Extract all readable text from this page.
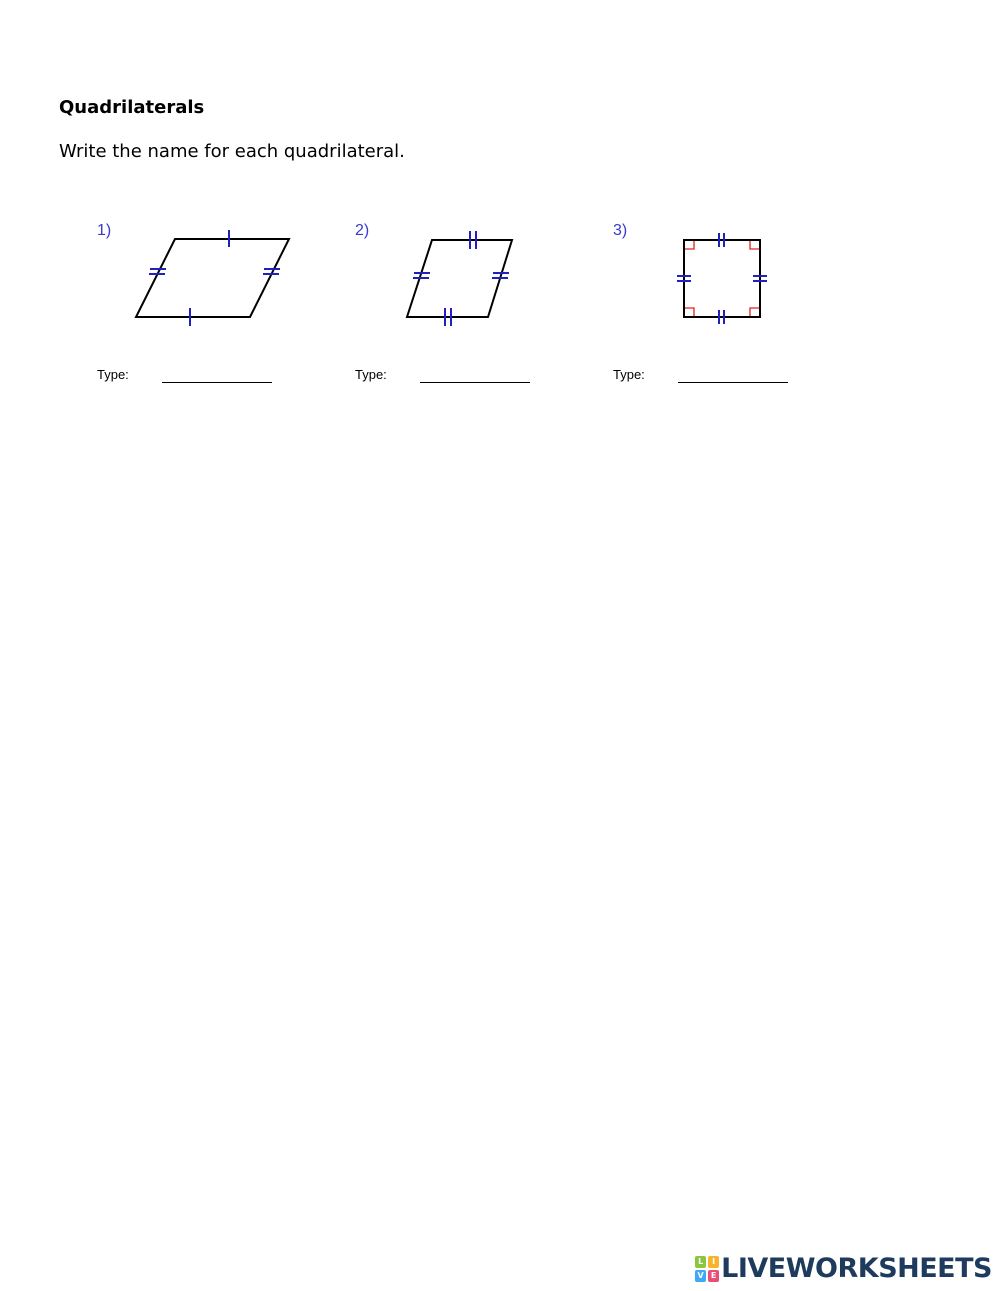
Quadrilaterals
Write the name for each quadrilateral.
1)
Type:
2)
Type:
3)
Type:
L	I
V E LIVEWORKSHEETS
